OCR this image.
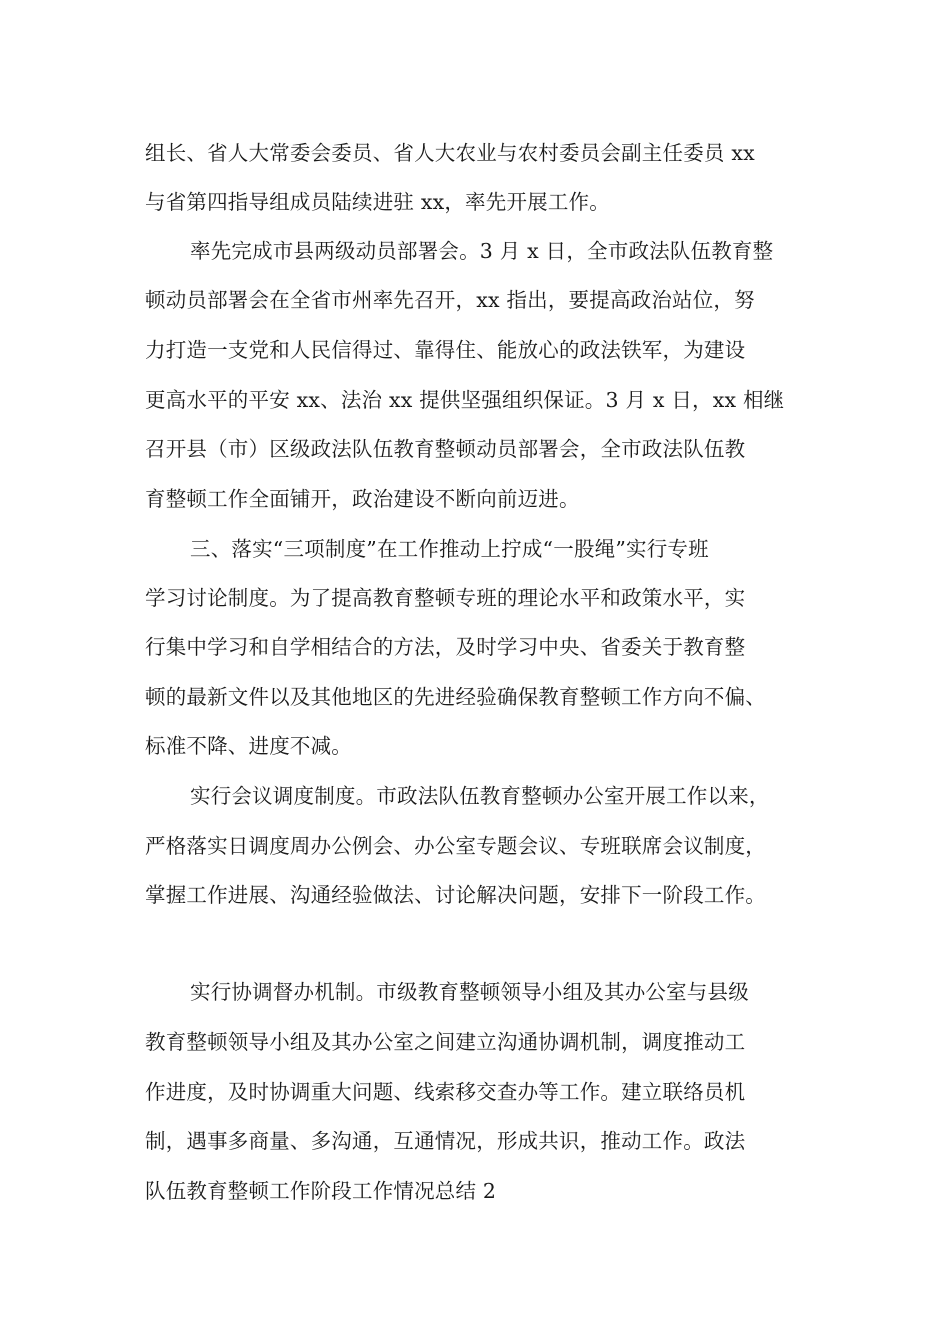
组长、省人大常委会委员、省人大农业与农村委员会副主任委员 xx
与省第四指导组成员陆续进驻 xx，率先开展工作。
率先完成市县两级动员部署会。3 月 x 日，全市政法队伍教育整
顿动员部署会在全省市州率先召开，xx 指出，要提高政治站位，努
力打造一支党和人民信得过、靠得住、能放心的政法铁军，为建设
更高水平的平安 xx、法治 xx 提供坚强组织保证。3 月 x 日，xx 相继
召开县（市）区级政法队伍教育整顿动员部署会，全市政法队伍教
育整顿工作全面铺开，政治建设不断向前迈进。
三、落实“三项制度”在工作推动上拧成“一股绳”实行专班
学习讨论制度。为了提高教育整顿专班的理论水平和政策水平，实
行集中学习和自学相结合的方法，及时学习中央、省委关于教育整
顿的最新文件以及其他地区的先进经验确保教育整顿工作方向不偏、
标准不降、进度不减。
实行会议调度制度。市政法队伍教育整顿办公室开展工作以来，
严格落实日调度周办公例会、办公室专题会议、专班联席会议制度，
掌握工作进展、沟通经验做法、讨论解决问题，安排下一阶段工作。
实行协调督办机制。市级教育整顿领导小组及其办公室与县级
教育整顿领导小组及其办公室之间建立沟通协调机制，调度推动工
作进度，及时协调重大问题、线索移交查办等工作。建立联络员机
制，遇事多商量、多沟通，互通情况，形成共识，推动工作。政法
队伍教育整顿工作阶段工作情况总结 2
